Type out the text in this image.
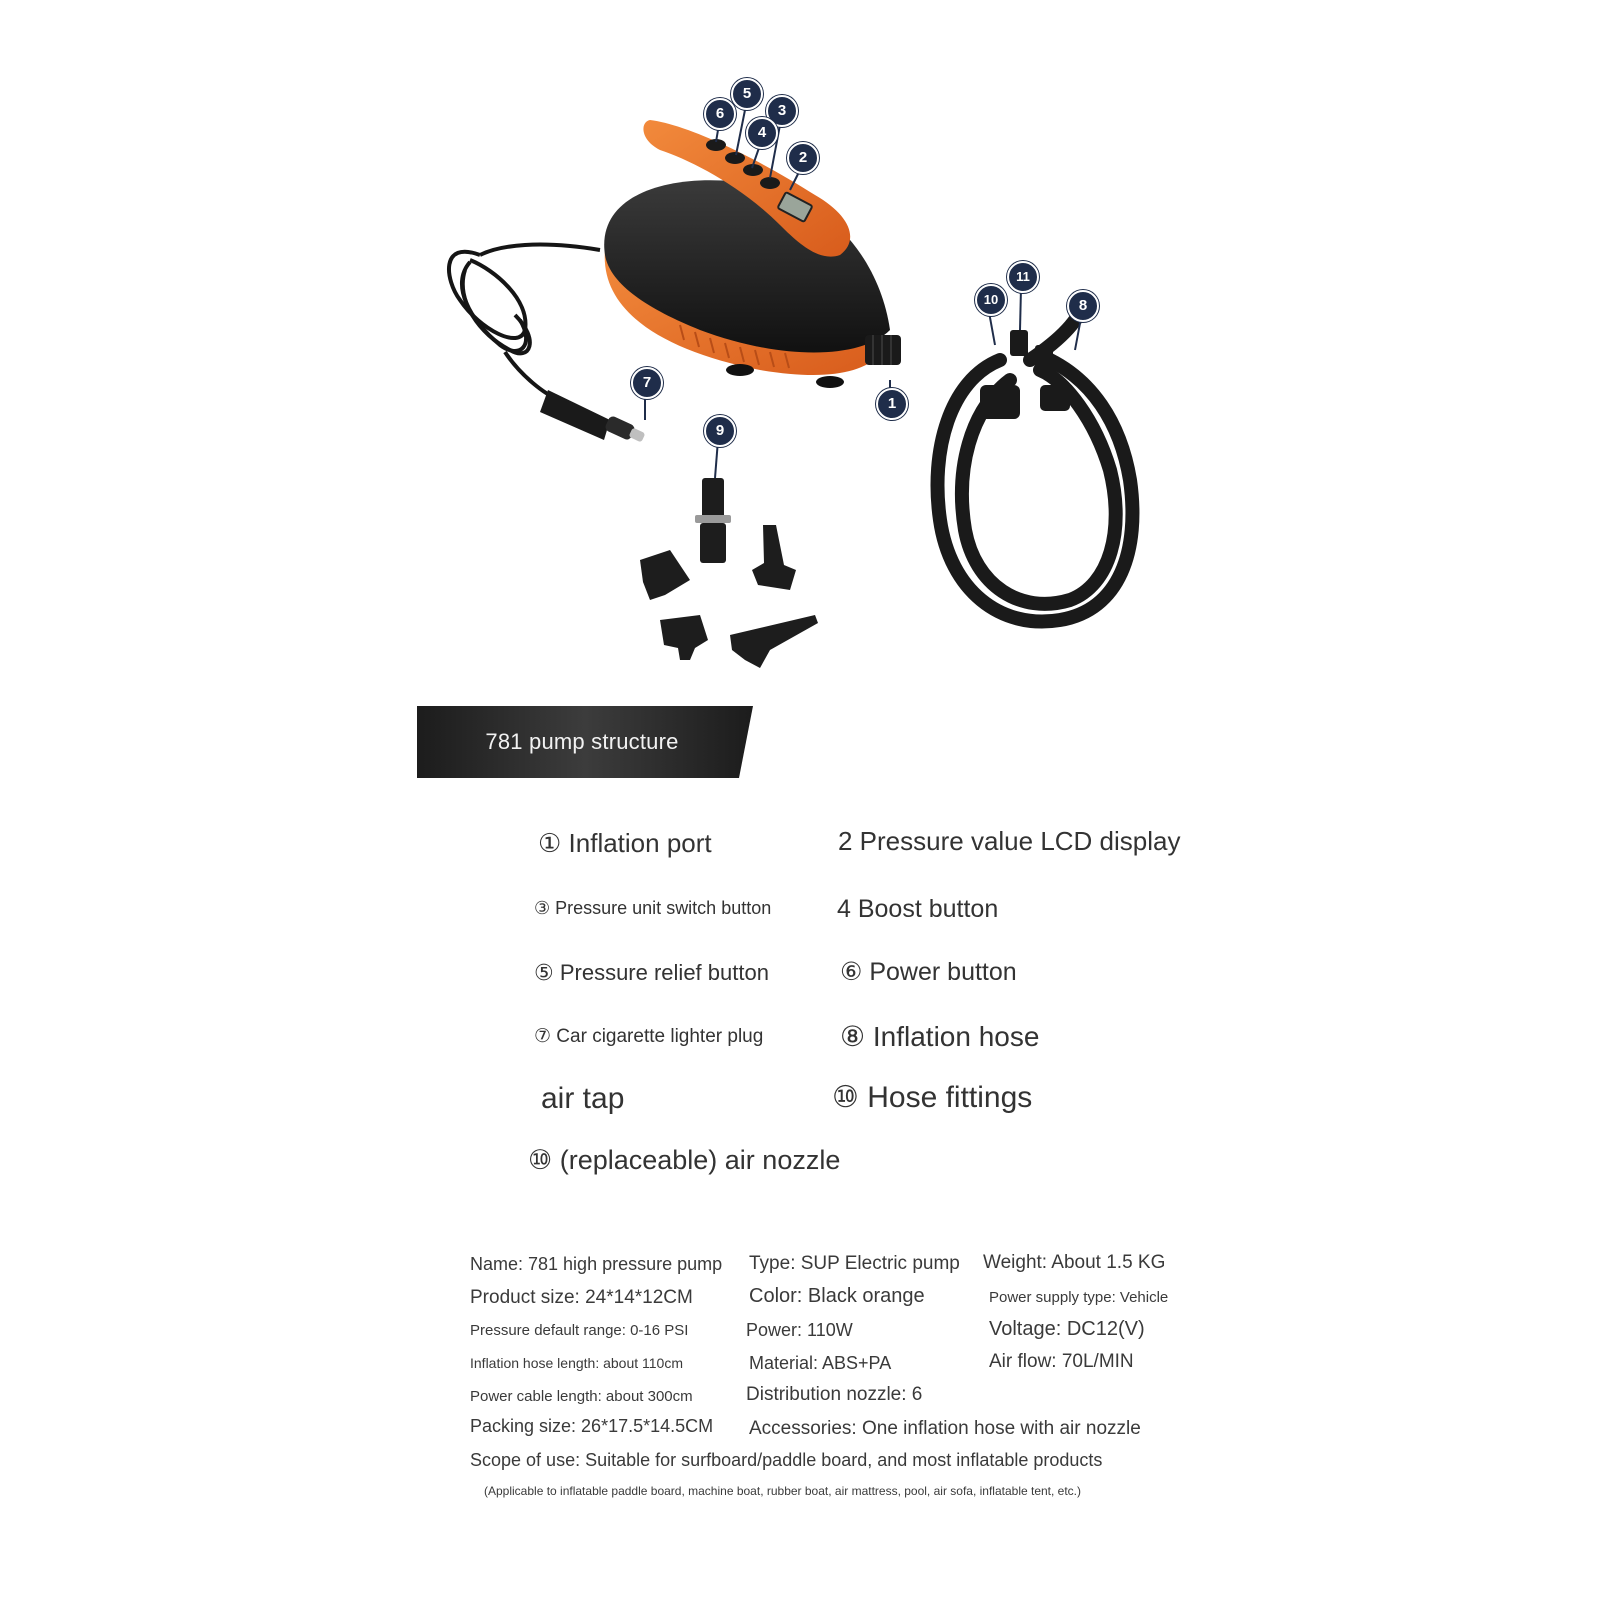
1
2
3
4
5
6
7
8
9
10
11
781 pump structure
① Inflation port	2 Pressure value LCD display
③ Pressure unit switch button	4 Boost button
⑤ Pressure relief button	⑥ Power button
⑦ Car cigarette lighter plug	⑧ Inflation hose
air tap	⑩ Hose fittings
⑩ (replaceable) air nozzle
Name: 781 high pressure pump Type: SUP Electric pump Weight: About 1.5 KG
Product size: 24*14*12CM	Color: Black orange	Power supply type: Vehicle
Pressure default range: 0-16 PSI	Power: 110W	Voltage: DC12(V)
Inflation hose length: about 110cm	Material: ABS+PA	Air flow: 70L/MIN
Power cable length: about 300cm	Distribution nozzle: 6
Packing size: 26*17.5*14.5CM Accessories: One inflation hose with air nozzle
Scope of use: Suitable for surfboard/paddle board, and most inflatable products
(Applicable to inflatable paddle board, machine boat, rubber boat, air mattress, pool, air sofa, inflatable tent, etc.)
